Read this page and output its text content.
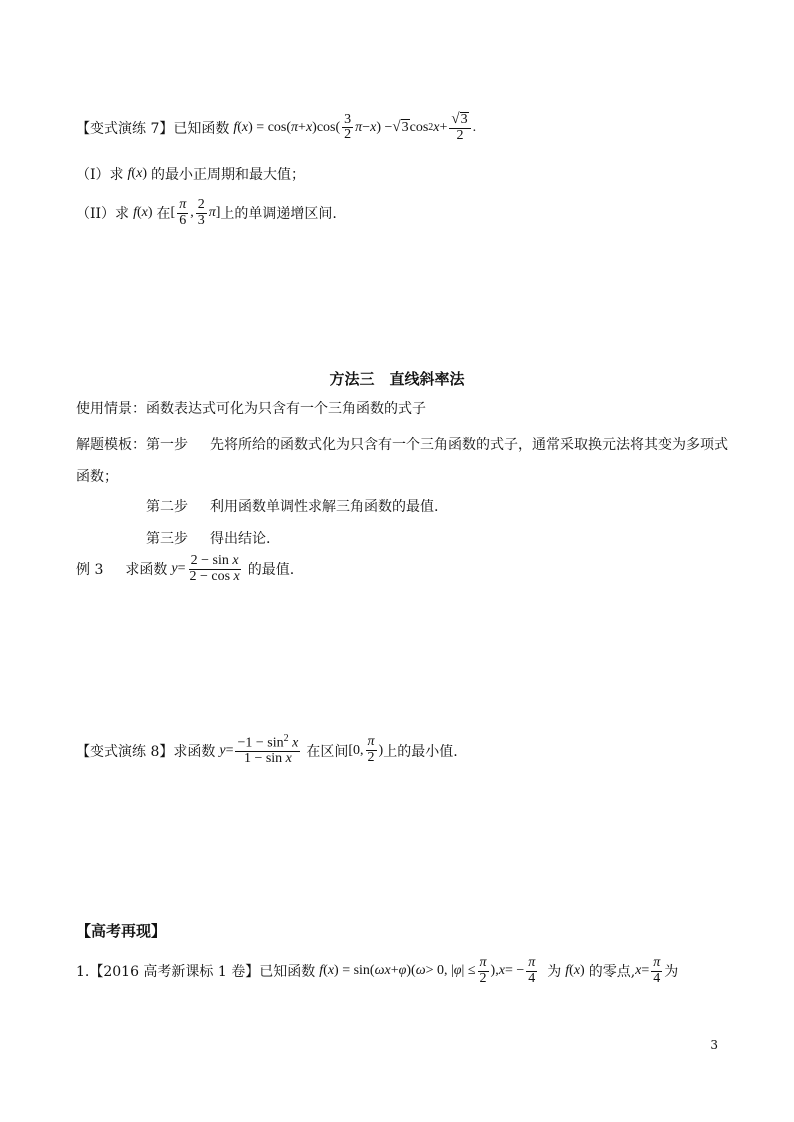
【变式演练 7】 已知函数 f ( x ) = cos( π + x )$\cos( \frac{3}{2}$ π − x ) − √ 3 cos 2 $x + \frac{√ 3}{2}$ .
（I）求 f(x) 的最小正周期和最大值；
（II）求 f(x) 在 [ $\frac{\pi}{6}$ , $\frac{2}{3}$ π ] 上的单调递增区间.
方法三　直线斜率法
使用情景：函数表达式可化为只含有一个三角函数的式子
解题模板： 第一步 先将所给的函数式化为只含有一个三角函数的式子，通常采取换元法将其变为多项式
函数；
第二步 利用函数单调性求解三角函数的最值.
第三步 得出结论.
例 3 求函数 $y = \frac{\text{2 − sin x}}{\text{2 − cos x}}$ 的最值.
【变式演练 8】 求函数 $y = \frac{-1 - \sin^2 x}{\text{1 − sin x}}$ 在区间 [0, $\frac{\pi}{2}$ ) 上的最小值.
【高考再现】
1.【2016 高考新课标 1 卷】 已知函数 f ( x ) = sin( ωx + φ )( ω > 0, | φ | ≤ $\frac{\pi}{2}$ ), x = − $\frac{\pi}{4}$ 为 f(x) 的零点, $x = \frac{\pi}{4}$ 为
3
